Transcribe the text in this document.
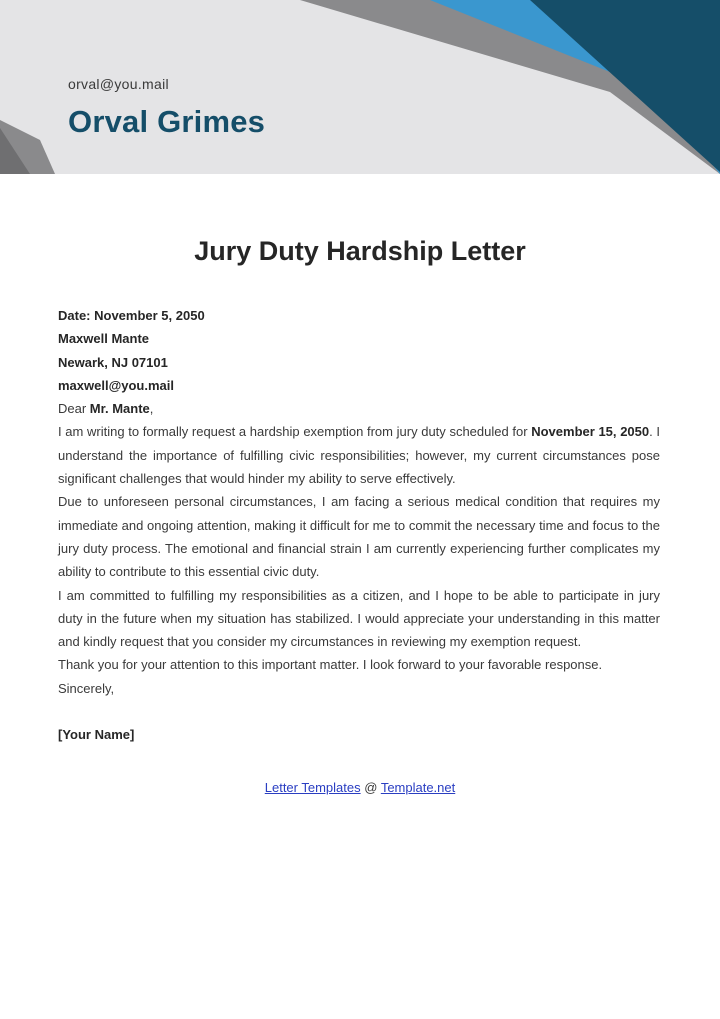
orval@you.mail
Orval Grimes
Jury Duty Hardship Letter

Date: November 5, 2050

Maxwell Mante

Newark, NJ 07101

maxwell@you.mail

Dear Mr. Mante,

I am writing to formally request a hardship exemption from jury duty scheduled for November 15, 2050. I understand the importance of fulfilling civic responsibilities; however, my current circumstances pose significant challenges that would hinder my ability to serve effectively.

Due to unforeseen personal circumstances, I am facing a serious medical condition that requires my immediate and ongoing attention, making it difficult for me to commit the necessary time and focus to the jury duty process. The emotional and financial strain I am currently experiencing further complicates my ability to contribute to this essential civic duty.

I am committed to fulfilling my responsibilities as a citizen, and I hope to be able to participate in jury duty in the future when my situation has stabilized. I would appreciate your understanding in this matter and kindly request that you consider my circumstances in reviewing my exemption request.

Thank you for your attention to this important matter. I look forward to your favorable response.

Sincerely,

[Your Name]

Letter Templates @ Template.net
